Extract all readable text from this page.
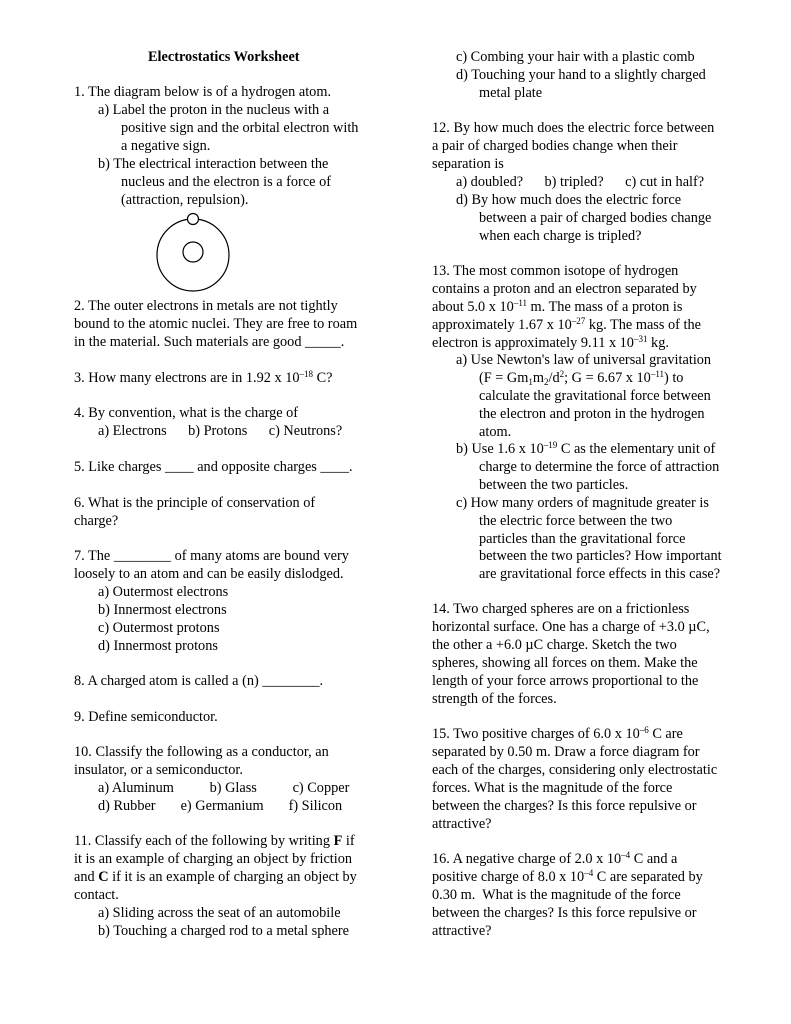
Electrostatics Worksheet
1. The diagram below is of a hydrogen atom.
a) Label the proton in the nucleus with a
positive sign and the orbital electron with
a negative sign.
b) The electrical interaction between the
nucleus and the electron is a force of
(attraction, repulsion).
2. The outer electrons in metals are not tightly
bound to the atomic nuclei. They are free to roam
in the material. Such materials are good _____.
3. How many electrons are in 1.92 x $10^{-18}$ C?
4. By convention, what is the charge of
a) Electrons      b) Protons      c) Neutrons?
5. Like charges ____ and opposite charges ____.
6. What is the principle of conservation of
charge?
7. The ________ of many atoms are bound very
loosely to an atom and can be easily dislodged.
a) Outermost electrons
b) Innermost electrons
c) Outermost protons
d) Innermost protons
8. A charged atom is called a (n) ________.
9. Define semiconductor.
10. Classify the following as a conductor, an
insulator, or a semiconductor.
a) Aluminum          b) Glass          c) Copper
d) Rubber       e) Germanium       f) Silicon
11. Classify each of the following by writing F if
it is an example of charging an object by friction
and C if it is an example of charging an object by
contact.
a) Sliding across the seat of an automobile
b) Touching a charged rod to a metal sphere
c) Combing your hair with a plastic comb
d) Touching your hand to a slightly charged
metal plate
12. By how much does the electric force between
a pair of charged bodies change when their
separation is
a) doubled?      b) tripled?      c) cut in half?
d) By how much does the electric force
between a pair of charged bodies change
when each charge is tripled?
13. The most common isotope of hydrogen
contains a proton and an electron separated by
about 5.0 x $10^{-11}$ m. The mass of a proton is
approximately 1.67 x $10^{-27}$ kg. The mass of the
electron is approximately 9.11 x $10^{-31}$ kg.
a) Use Newton's law of universal gravitation
($F = Gm_1m_2/d^2$; G = 6.67 x $10^{-11}$) to
calculate the gravitational force between
the electron and proton in the hydrogen
atom.
b) Use 1.6 x $10^{-19}$ C as the elementary unit of
charge to determine the force of attraction
between the two particles.
c) How many orders of magnitude greater is
the electric force between the two
particles than the gravitational force
between the two particles? How important
are gravitational force effects in this case?
14. Two charged spheres are on a frictionless
horizontal surface. One has a charge of +3.0 µC,
the other a +6.0 µC charge. Sketch the two
spheres, showing all forces on them. Make the
length of your force arrows proportional to the
strength of the forces.
15. Two positive charges of 6.0 x $10^{-6}$ C are
separated by 0.50 m. Draw a force diagram for
each of the charges, considering only electrostatic
forces. What is the magnitude of the force
between the charges? Is this force repulsive or
attractive?
16. A negative charge of 2.0 x $10^{-4}$ C and a
positive charge of 8.0 x $10^{-4}$ C are separated by
0.30 m.  What is the magnitude of the force
between the charges? Is this force repulsive or
attractive?
